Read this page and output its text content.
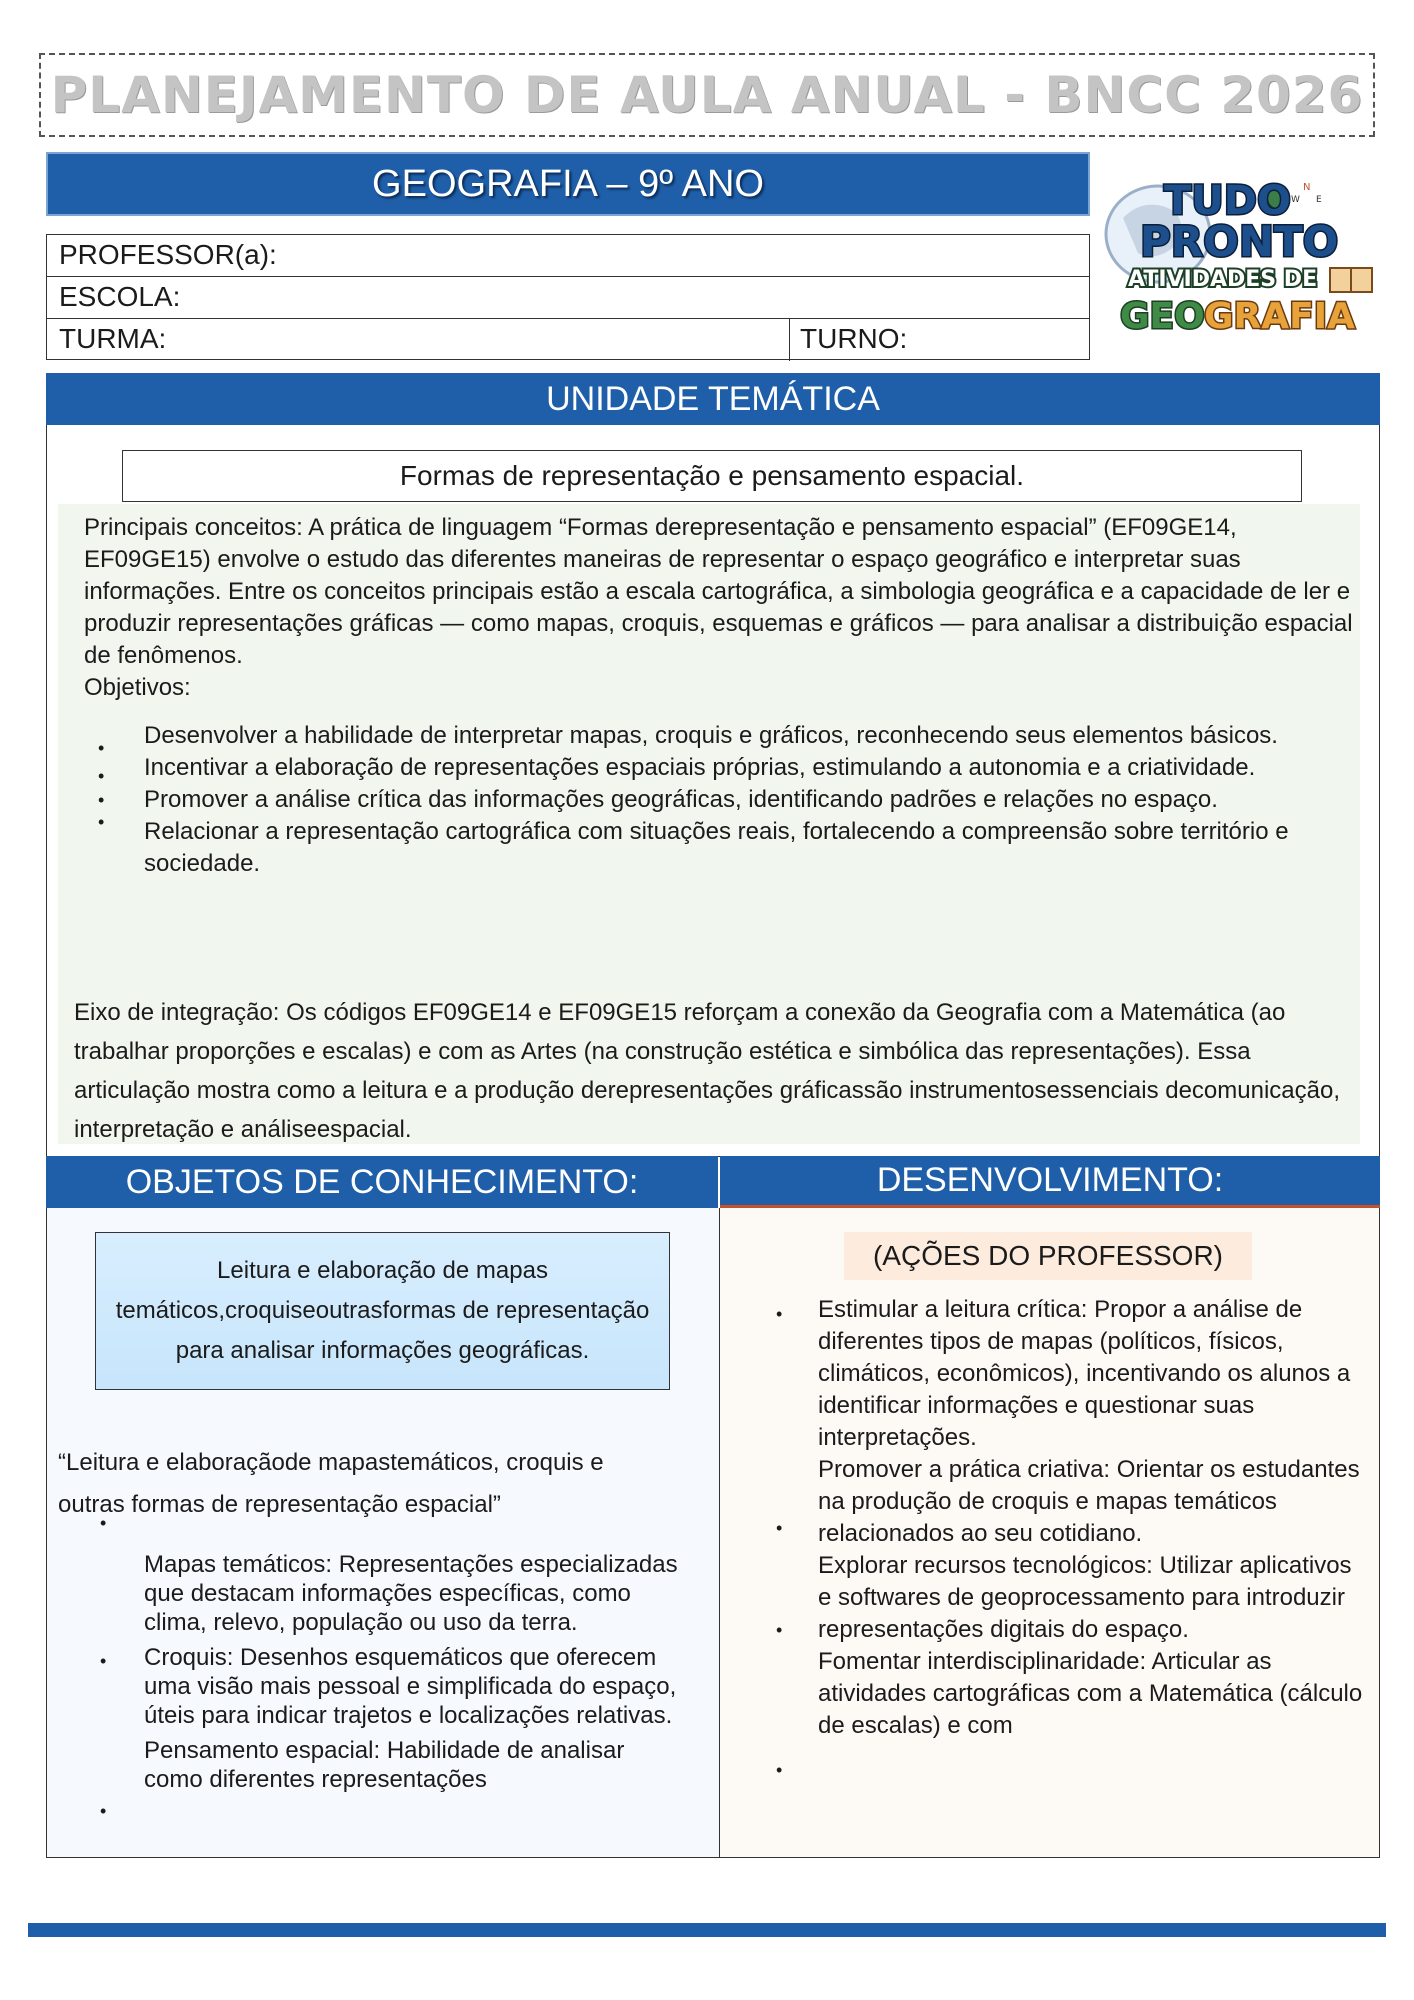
PLANEJAMENTO DE AULA ANUAL - BNCC 2026
GEOGRAFIA – 9º ANO
PROFESSOR(a):
ESCOLA:
TURMA:	TURNO:
N
W E
TUDO
PRONTO
ATIVIDADES DE
GEO GRAFIA
UNIDADE TEMÁTICA
Formas de representação e pensamento espacial.
Principais conceitos: A prática de linguagem “Formas derepresentação e pensamento espacial” (EF09GE14, EF09GE15) envolve o estudo das diferentes maneiras de representar o espaço geográfico e interpretar suas informações. Entre os conceitos principais estão a escala cartográfica, a simbologia geográfica e a capacidade de ler e produzir representações gráficas — como mapas, croquis, esquemas e gráficos — para analisar a distribuição espacial de fenômenos.
Objetivos:
•
•
•
•
Desenvolver a habilidade de interpretar mapas, croquis e gráficos, reconhecendo seus elementos básicos.
Incentivar a elaboração de representações espaciais próprias, estimulando a autonomia e a criatividade.
Promover a análise crítica das informações geográficas, identificando padrões e relações no espaço.
Relacionar a representação cartográfica com situações reais, fortalecendo a compreensão sobre território e sociedade.
Eixo de integração: Os códigos EF09GE14 e EF09GE15 reforçam a conexão da Geografia com a Matemática (ao trabalhar proporções e escalas) e com as Artes (na construção estética e simbólica das representações). Essa articulação mostra como a leitura e a produção derepresentações gráficassão instrumentosessenciais decomunicação, interpretação e análiseespacial.
OBJETOS DE CONHECIMENTO:	DESENVOLVIMENTO:
Leitura e elaboração de mapas temáticos,croquiseoutrasformas de representação para analisar informações geográficas.
“Leitura e elaboraçãode mapastemáticos, croquis e outras formas de representação espacial”
•
•
•
Mapas temáticos: Representações especializadas que destacam informações específicas, como clima, relevo, população ou uso da terra.
Croquis: Desenhos esquemáticos que oferecem uma visão mais pessoal e simplificada do espaço, úteis para indicar trajetos e localizações relativas.
Pensamento espacial: Habilidade de analisar como diferentes representações
(AÇÕES DO PROFESSOR)
•
•
•
•
Estimular a leitura crítica: Propor a análise de diferentes tipos de mapas (políticos, físicos, climáticos, econômicos), incentivando os alunos a identificar informações e questionar suas interpretações.
Promover a prática criativa: Orientar os estudantes na produção de croquis e mapas temáticos relacionados ao seu cotidiano.
Explorar recursos tecnológicos: Utilizar aplicativos e softwares de geoprocessamento para introduzir representações digitais do espaço.
Fomentar interdisciplinaridade: Articular as atividades cartográficas com a Matemática (cálculo de escalas) e com
